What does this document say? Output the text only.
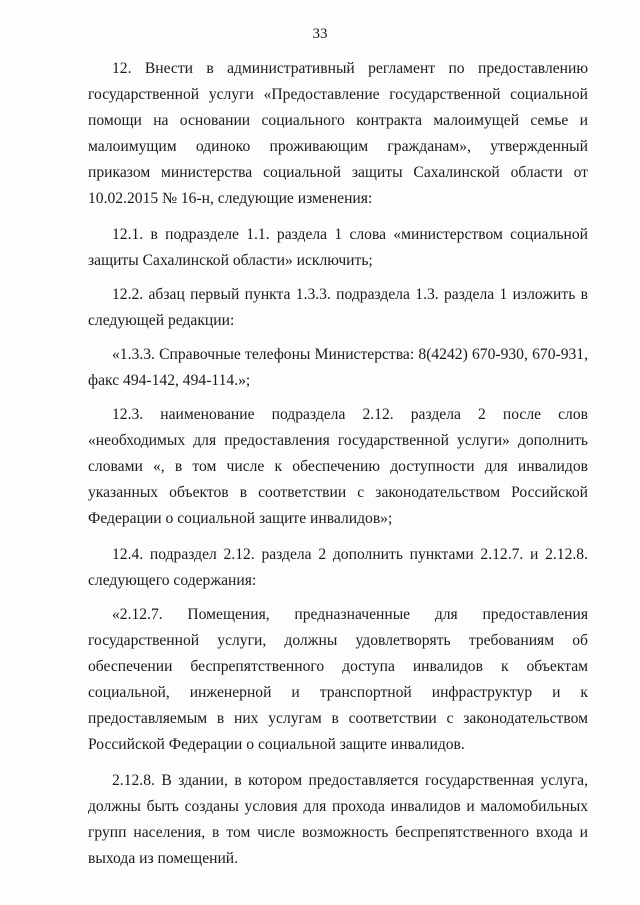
33

12. Внести в административный регламент по предоставлению государственной услуги «Предоставление государственной социальной помощи на основании социального контракта малоимущей семье и малоимущим одиноко проживающим гражданам», утвержденный приказом министерства социальной защиты Сахалинской области от 10.02.2015 № 16-н, следующие изменения:

12.1. в подразделе 1.1. раздела 1 слова «министерством социальной защиты Сахалинской области» исключить;

12.2. абзац первый пункта 1.3.3. подраздела 1.3. раздела 1 изложить в следующей редакции:

«1.3.3. Справочные телефоны Министерства: 8(4242) 670-930, 670-931, факс 494-142, 494-114.»;

12.3. наименование подраздела 2.12. раздела 2 после слов «необходимых для предоставления государственной услуги» дополнить словами «, в том числе к обеспечению доступности для инвалидов указанных объектов в соответствии с законодательством Российской Федерации о социальной защите инвалидов»;

12.4. подраздел 2.12. раздела 2 дополнить пунктами 2.12.7. и 2.12.8. следующего содержания:

«2.12.7. Помещения, предназначенные для предоставления государственной услуги, должны удовлетворять требованиям об обеспечении беспрепятственного доступа инвалидов к объектам социальной, инженерной и транспортной инфраструктур и к предоставляемым в них услугам в соответствии с законодательством Российской Федерации о социальной защите инвалидов.

2.12.8. В здании, в котором предоставляется государственная услуга, должны быть созданы условия для прохода инвалидов и маломобильных групп населения, в том числе возможность беспрепятственного входа и выхода из помещений.
